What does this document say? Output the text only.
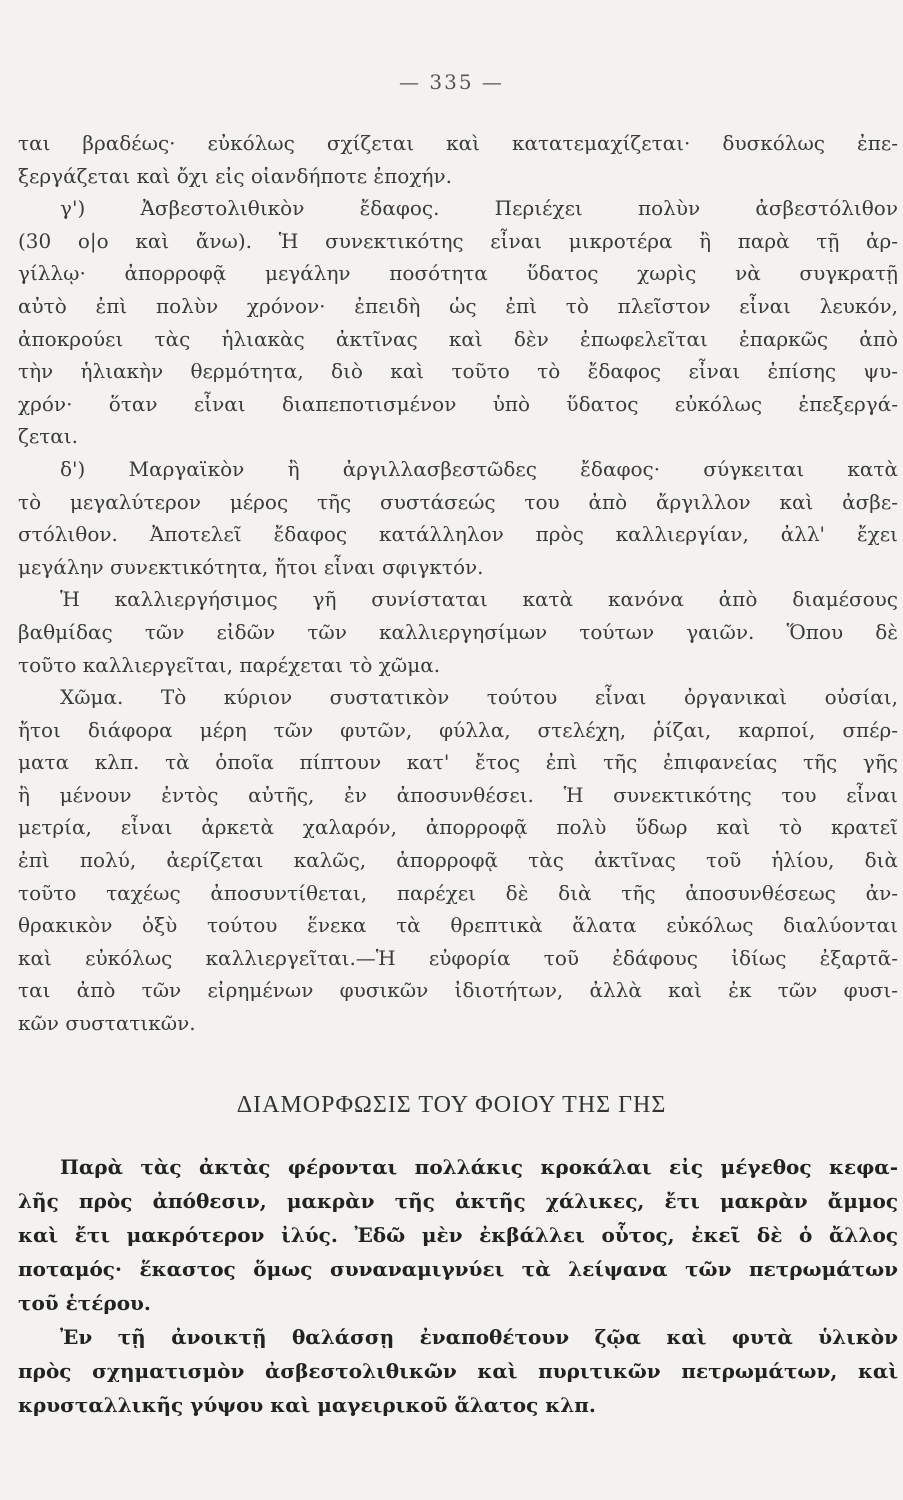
— 335 —
ται βραδέως· εὐκόλως σχίζεται καὶ κατατεμαχίζεται· δυσκόλως ἐπε-
ξεργάζεται καὶ ὄχι εἰς οἱανδήποτε ἐποχήν.
γ') Ἀσβεστολιθικὸν ἔδαφος. Περιέχει πολὺν ἀσβεστόλιθον
(30 ο|ο καὶ ἄνω). Ἡ συνεκτικότης εἶναι μικροτέρα ἢ παρὰ τῇ ἀρ-
γίλλῳ· ἀπορροφᾷ μεγάλην ποσότητα ὕδατος χωρὶς νὰ συγκρατῇ
αὐτὸ ἐπὶ πολὺν χρόνον· ἐπειδὴ ὡς ἐπὶ τὸ πλεῖστον εἶναι λευκόν,
ἀποκρούει τὰς ἡλιακὰς ἀκτῖνας καὶ δὲν ἐπωφελεῖται ἐπαρκῶς ἀπὸ
τὴν ἡλιακὴν θερμότητα, διὸ καὶ τοῦτο τὸ ἔδαφος εἶναι ἐπίσης ψυ-
χρόν· ὅταν εἶναι διαπεποτισμένον ὑπὸ ὕδατος εὐκόλως ἐπεξεργά-
ζεται.
δ') Μαργαϊκὸν ἢ ἀργιλλασβεστῶδες ἔδαφος· σύγκειται κατὰ
τὸ μεγαλύτερον μέρος τῆς συστάσεώς του ἀπὸ ἄργιλλον καὶ ἀσβε-
στόλιθον. Ἀποτελεῖ ἔδαφος κατάλληλον πρὸς καλλιεργίαν, ἀλλ' ἔχει
μεγάλην συνεκτικότητα, ἤτοι εἶναι σφιγκτόν.
Ἡ καλλιεργήσιμος γῆ συνίσταται κατὰ κανόνα ἀπὸ διαμέσους
βαθμίδας τῶν εἰδῶν τῶν καλλιεργησίμων τούτων γαιῶν. Ὅπου δὲ
τοῦτο καλλιεργεῖται, παρέχεται τὸ χῶμα.
Χῶμα. Τὸ κύριον συστατικὸν τούτου εἶναι ὀργανικαὶ οὐσίαι,
ἤτοι διάφορα μέρη τῶν φυτῶν, φύλλα, στελέχη, ῥίζαι, καρποί, σπέρ-
ματα κλπ. τὰ ὁποῖα πίπτουν κατ' ἔτος ἐπὶ τῆς ἐπιφανείας τῆς γῆς
ἢ μένουν ἐντὸς αὐτῆς, ἐν ἀποσυνθέσει. Ἡ συνεκτικότης του εἶναι
μετρία, εἶναι ἀρκετὰ χαλαρόν, ἀπορροφᾷ πολὺ ὕδωρ καὶ τὸ κρατεῖ
ἐπὶ πολύ, ἀερίζεται καλῶς, ἀπορροφᾷ τὰς ἀκτῖνας τοῦ ἡλίου, διὰ
τοῦτο ταχέως ἀποσυντίθεται, παρέχει δὲ διὰ τῆς ἀποσυνθέσεως ἀν-
θρακικὸν ὀξὺ τούτου ἕνεκα τὰ θρεπτικὰ ἅλατα εὐκόλως διαλύονται
καὶ εὐκόλως καλλιεργεῖται.—Ἡ εὐφορία τοῦ ἐδάφους ἰδίως ἐξαρτᾶ-
ται ἀπὸ τῶν εἰρημένων φυσικῶν ἰδιοτήτων, ἀλλὰ καὶ ἐκ τῶν φυσι-
κῶν συστατικῶν.
ΔΙΑΜΟΡΦΩΣΙΣ ΤΟΥ ΦΟΙΟΥ ΤΗΣ ΓΗΣ
Παρὰ τὰς ἀκτὰς φέρονται πολλάκις κροκάλαι εἰς μέγεθος κεφα-
λῆς πρὸς ἀπόθεσιν, μακρὰν τῆς ἀκτῆς χάλικες, ἔτι μακρὰν ἄμμος
καὶ ἔτι μακρότερον ἰλύς. Ἐδῶ μὲν ἐκβάλλει οὗτος, ἐκεῖ δὲ ὁ ἄλλος
ποταμός· ἕκαστος ὅμως συναναμιγνύει τὰ λείψανα τῶν πετρωμάτων
τοῦ ἑτέρου.
Ἐν τῇ ἀνοικτῇ θαλάσσῃ ἐναποθέτουν ζῷα καὶ φυτὰ ὑλικὸν
πρὸς σχηματισμὸν ἀσβεστολιθικῶν καὶ πυριτικῶν πετρωμάτων, καὶ
κρυσταλλικῆς γύψου καὶ μαγειρικοῦ ἅλατος κλπ.
